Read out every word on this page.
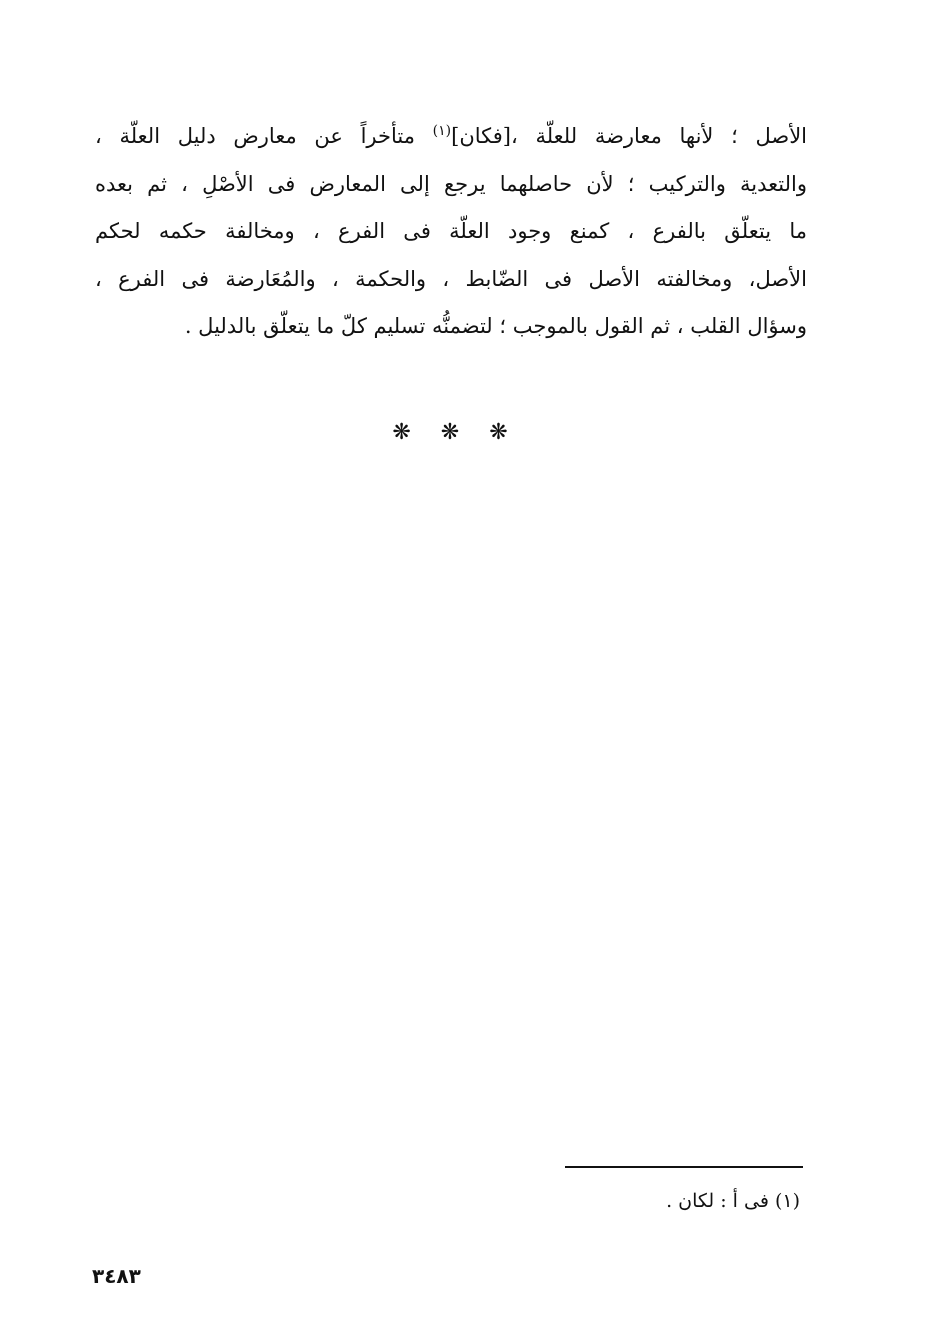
الأصل ؛ لأنها معارضة للعلّة ،[فكان]$^{(١)}$ متأخراً عن معارض دليل العلّة ،
والتعدية والتركيب ؛ لأن حاصلهما يرجع إلى المعارض فى الأصْلِ ، ثم بعده
ما يتعلّق بالفرع ، كمنع وجود العلّة فى الفرع ، ومخالفة حكمه لحكم
الأصل، ومخالفته الأصل فى الضّابط ، والحكمة ، والمُعَارضة فى الفرع ،
وسؤال القلب ، ثم القول بالموجب ؛ لتضمنُّه تسليم كلّ ما يتعلّق بالدليل .
❋❋❋
(١) فى أ : لكان .
٣٤٨٣
